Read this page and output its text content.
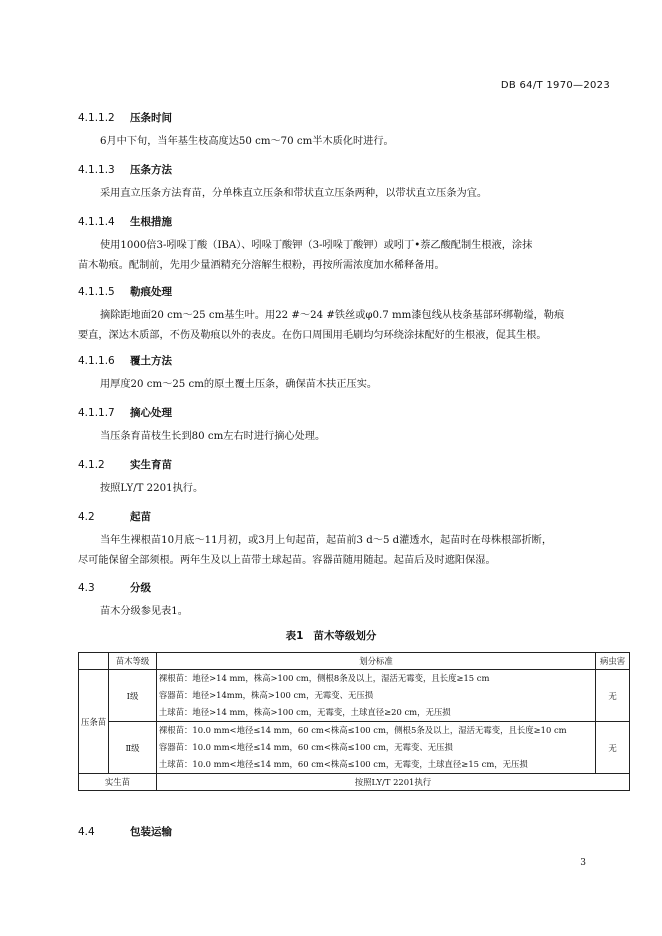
DB 64/T 1970—2023
4.1.1.2 压条时间
6月中下旬，当年基生枝高度达50 cm～70 cm半木质化时进行。
4.1.1.3 压条方法
采用直立压条方法育苗，分单株直立压条和带状直立压条两种，以带状直立压条为宜。
4.1.1.4 生根措施
使用1000倍3-吲哚丁酸（IBA）、吲哚丁酸钾（3-吲哚丁酸钾）或吲丁•萘乙酸配制生根液，涂抹
苗木勒痕。配制前，先用少量酒精充分溶解生根粉，再按所需浓度加水稀释备用。
4.1.1.5 勒痕处理
摘除距地面20 cm～25 cm基生叶。用22 #～24 #铁丝或φ0.7 mm漆包线从枝条基部环绑勒缢，勒痕
要直，深达木质部，不伤及勒痕以外的表皮。在伤口周围用毛刷均匀环绕涂抹配好的生根液，促其生根。
4.1.1.6 覆土方法
用厚度20 cm～25 cm的原土覆土压条，确保苗木扶正压实。
4.1.1.7 摘心处理
当压条育苗枝生长到80 cm左右时进行摘心处理。
4.1.2 实生育苗
按照LY/T 2201执行。
4.2	起苗
当年生裸根苗10月底～11月初，或3月上旬起苗，起苗前3 d～5 d灌透水，起苗时在母株根部折断，
尽可能保留全部须根。两年生及以上苗带土球起苗。容器苗随用随起。起苗后及时遮阳保湿。
4.3	分级
苗木分级参见表1。
表1 苗木等级划分
	苗木等级	划分标准	病虫害
压条苗	Ⅰ级	裸根苗：地径>14 mm，株高>100 cm，侧根8条及以上，湿活无霉变，且长度≥15 cm
容器苗：地径>14mm，株高>100 cm，无霉变、无压损
土球苗：地径>14 mm，株高>100 cm，无霉变，土球直径≥20 cm，无压损	无
	Ⅱ级	裸根苗：10.0 mm<地径≤14 mm，60 cm<株高≤100 cm，侧根5条及以上，湿活无霉变，且长度≥10 cm
容器苗：10.0 mm<地径≤14 mm，60 cm<株高≤100 cm，无霉变、无压损
土球苗：10.0 mm<地径≤14 mm，60 cm<株高≤100 cm，无霉变，土球直径≥15 cm，无压损	无
实生苗		按照LY/T 2201执行	
4.4	包装运输
3
